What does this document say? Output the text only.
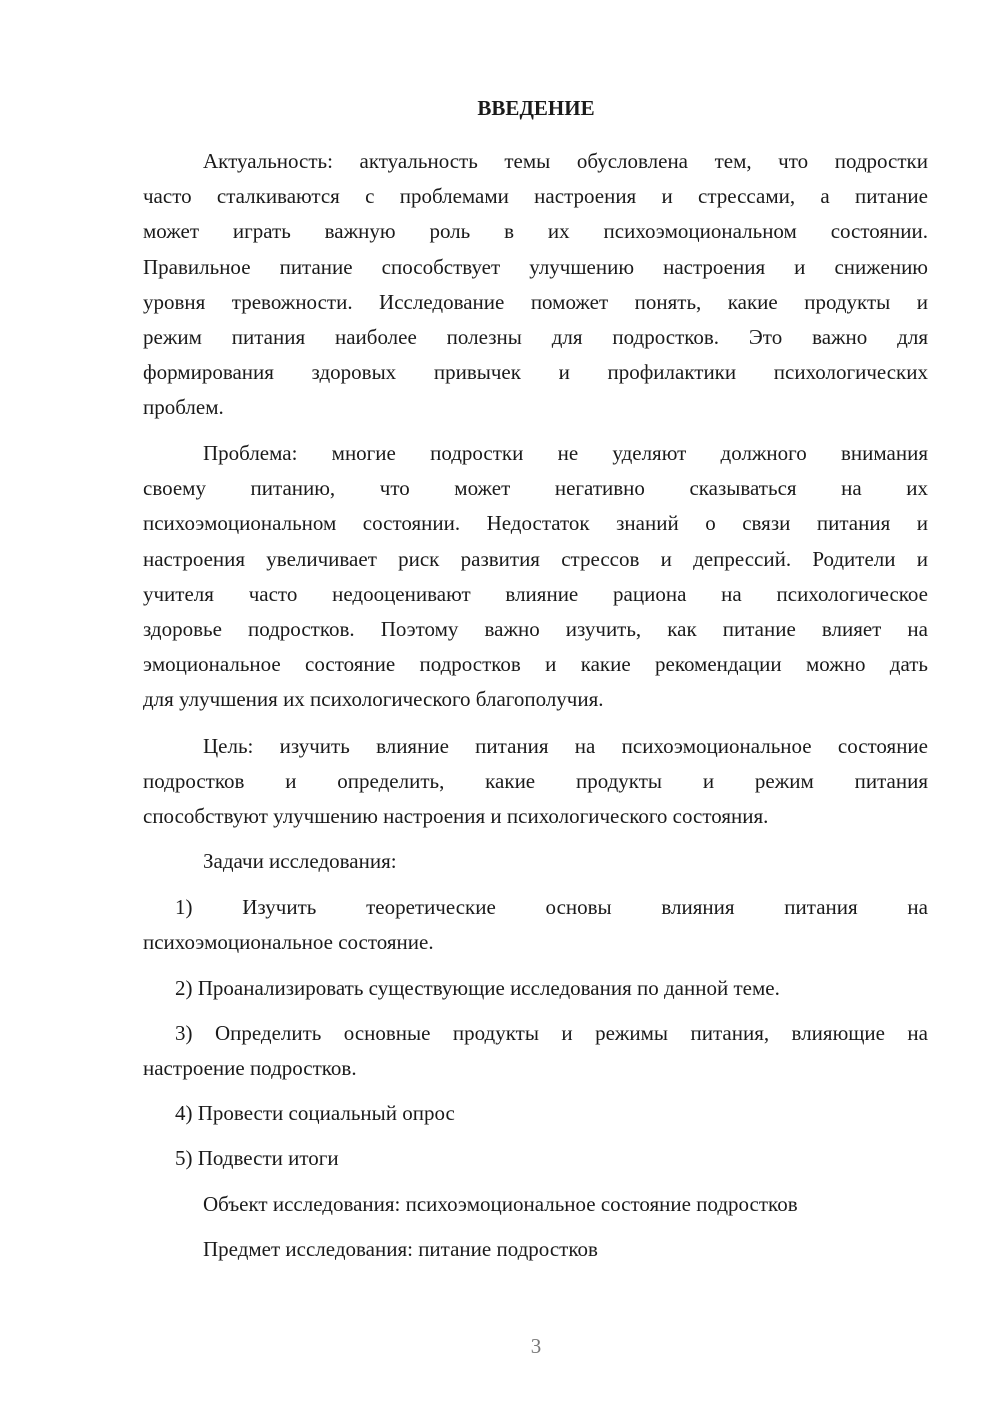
ВВЕДЕНИЕ
Актуальность: актуальность темы обусловлена тем, что подростки
часто сталкиваются с проблемами настроения и стрессами, а питание
может играть важную роль в их психоэмоциональном состоянии.
Правильное питание способствует улучшению настроения и снижению
уровня тревожности. Исследование поможет понять, какие продукты и
режим питания наиболее полезны для подростков. Это важно для
формирования здоровых привычек и профилактики психологических
проблем.
Проблема: многие подростки не уделяют должного внимания
своему питанию, что может негативно сказываться на их
психоэмоциональном состоянии. Недостаток знаний о связи питания и
настроения увеличивает риск развития стрессов и депрессий. Родители и
учителя часто недооценивают влияние рациона на психологическое
здоровье подростков. Поэтому важно изучить, как питание влияет на
эмоциональное состояние подростков и какие рекомендации можно дать
для улучшения их психологического благополучия.
Цель: изучить влияние питания на психоэмоциональное состояние
подростков и определить, какие продукты и режим питания
способствуют улучшению настроения и психологического состояния.
Задачи исследования:
1) Изучить теоретические основы влияния питания на
психоэмоциональное состояние.
2) Проанализировать существующие исследования по данной теме.
3) Определить основные продукты и режимы питания, влияющие на
настроение подростков.
4) Провести социальный опрос
5) Подвести итоги
Объект исследования: психоэмоциональное состояние подростков
Предмет исследования: питание подростков
3
